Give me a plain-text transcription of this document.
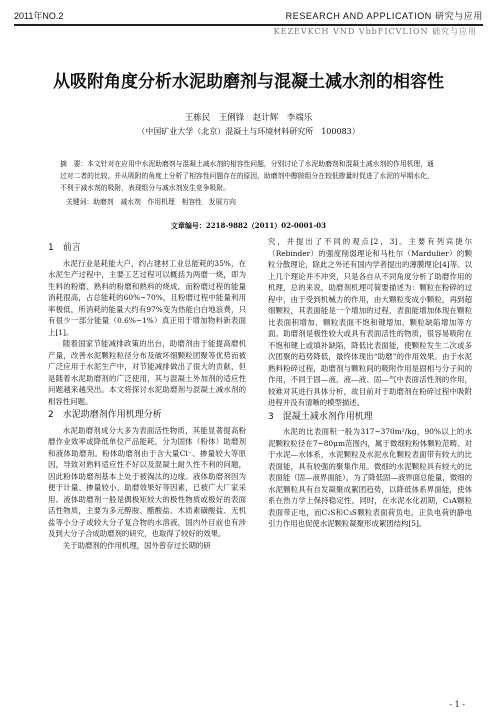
2011年NO.2	RESEARCH AND APPLICATION 研究与应用
KEZEVKCH VND VbbFICVLION 础究与应用
从吸附角度分析水泥助磨剂与混凝土减水剂的相容性
王栋民　王俐锋　赵计辉　李端乐
（中国矿业大学（北京）混凝土与环境材料研究所　100083）
摘　要：本文针对在应用中水泥助磨剂与混凝土减水剂的相容性问题，分别讨论了水泥助磨剂和混凝土减水剂的作用机理，通过对二者的比较，并从吸附的角度上分析了相容性问题存在的原因，助磨剂中醇胺组分在较低掺量时促进了水泥的早期水化，不利于减水剂的吸附，表现组分与减水剂发生竞争吸附。
关键词：助磨剂　减水剂　作用机理　相容性　发展方向
文章编号：2218-9882（2011）02-0001-03
1　前言

水泥行业是耗能大户，约占建材工业总能耗的35%，在水泥生产过程中，主要工艺过程可以概括为两磨一烧，即为生料的粉磨、熟料的粉磨和熟料的烧成，而粉磨过程的能量消耗很高，占总能耗的60%~70%，且粉磨过程中能量利用率极低，所消耗的能量大约有97%变为热能白白地浪费，只有很少一部分能量（0.6%~1%）真正用于增加物料新表面上[1]。

随着国家节能减排政策的出台，助磨剂由于能提高磨机产量，改善水泥颗粒粒径分布及破坏细颗粒团聚等优势而被广泛应用于水泥生产中，对节能减排做出了很大的贡献，但是随着水泥助磨剂的广泛使用，其与混凝土外加剂的适应性问题越来越突出。本文将探讨水泥助磨剂与混凝土减水剂的相容性问题。

2　水泥助磨剂作用机理分析

水泥助磨剂成分大多为表面活性物质，其能显著提高粉磨作业效率或降低单位产品能耗，分为固体（粉体）助磨剂和液体助磨剂。粉体助磨剂由于含大量Cl⁻、掺量较大等原因，导致对熟料适应性不好以及混凝土耐久性不利的问题，因此粉体助磨剂基本上处于被淘汰的边缘。液体助磨剂因为便于计量、掺量较小、助磨效果好等因素，已被广大厂家采用。液体助磨剂一般是偶极矩较大的极性物质或极好的表面活性物质，主要为多元醇胺、醋酸盐、木质素磺酸盐、无机盐等小分子或较大分子复合物的水溶液，国内外目前也有涉及到大分子合成助磨剂的研究，也取得了较好的效果。

关于助磨剂的作用机理，国外曾存过长期的研

究，并提出了不同的观点[2，3]。主要有列宾捷尔（Rebinder）的强度削弱理论和马杜尔（Mardulier）的颗粒分散理论，除此之外还有国内学者提出的薄膜理论[4]等。以上几个理论并不冲突，只是各自从不同角度分析了助磨作用的机理，总的来说，助磨剂机理可简要描述为：颗粒在粉碎的过程中，由于受到机械力的作用，由大颗粒变成小颗粒，再到超细颗粒，其表面能是一个增加的过程，表面能增加体现在颗粒比表面积增加、颗粒表面不饱和键增加、颗粒缺陷增加等方面。助磨剂是极性较大或具有表面活性的物质，很容易吸附在不饱和键上或填补缺陷，降低比表面能，使颗粒发生二次或多次团聚的趋势降低，最终体现出“助磨”的作用效果。由于水泥熟料粉碎过程，助磨剂与颗粒间的吸附作用是固相与分子间的作用，不同于固—液、液—液、固—气中表面活性剂的作用，较难对其进行具体分析，故目前对于助磨剂在粉碎过程中吸附进程并没有清晰的模型描述。

3　混凝土减水剂作用机理

水泥的比表面积一般为317~370m²/kg，90%以上的水泥颗粒粒径在7~80μm范围内，属于微细粒粉体颗粒范畴。对于水泥—水体系，水泥颗粒及水泥水化颗粒表面带有较大的比表面能，具有较强的聚集作用。微细的水泥颗粒具有较大的比表面能（固—液界面能），为了降低固—液界面总能量，微细的水泥颗粒具有自发凝聚成絮团趋势，以降低体系界面能，使体系在热力学上保持稳定性。同时，在水泥水化初期，C₃A颗粒表面带正电，而C₂S和C₃S颗粒表面荷负电，正负电荷的静电引力作用也促使水泥颗粒凝聚形成絮团结构[5]。

- 1 -
